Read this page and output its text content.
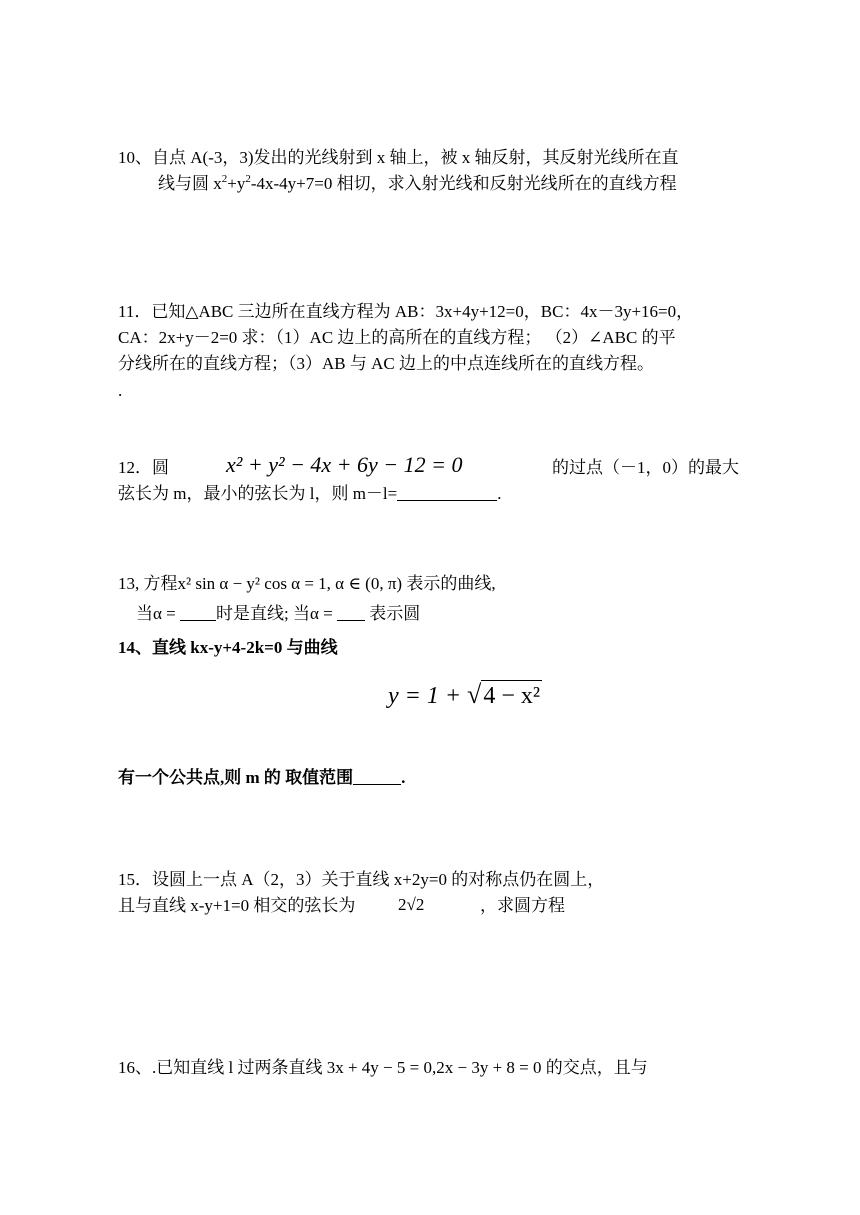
10、自点 A(-3，3)发出的光线射到 x 轴上，被 x 轴反射，其反射光线所在直
线与圆 $x^2+y^2-4x-4y+7=0$ 相切，求入射光线和反射光线所在的直线方程
11．已知△ABC 三边所在直线方程为 AB：3x+4y+12=0，BC：4x－3y+16=0，
CA：2x+y－2=0 求：（1）AC 边上的高所在的直线方程； （2）∠ABC 的平
分线所在的直线方程；（3）AB 与 AC 边上的中点连线所在的直线方程。
.
12．圆	x² + y² − 4x + 6y − 12 = 0	的过点（－1，0）的最大
弦长为 m，最小的弦长为 l，则 m－l=	.
13, 方程x² sin α − y² cos α = 1, α ∈ (0, π) 表示的曲线,
当α = 时是直线; 当α =  表示圆
14、直线 kx-y+4-2k=0 与曲线
y = 1 + √4 − x²
有一个公共点,则 m 的 取值范围	.
15．设圆上一点 A（2，3）关于直线 x+2y=0 的对称点仍在圆上，
且与直线 x-y+1=0 相交的弦长为	2√2	，求圆方程
16、.已知直线 l 过两条直线 3x + 4y − 5 = 0,2x − 3y + 8 = 0 的交点，且与
